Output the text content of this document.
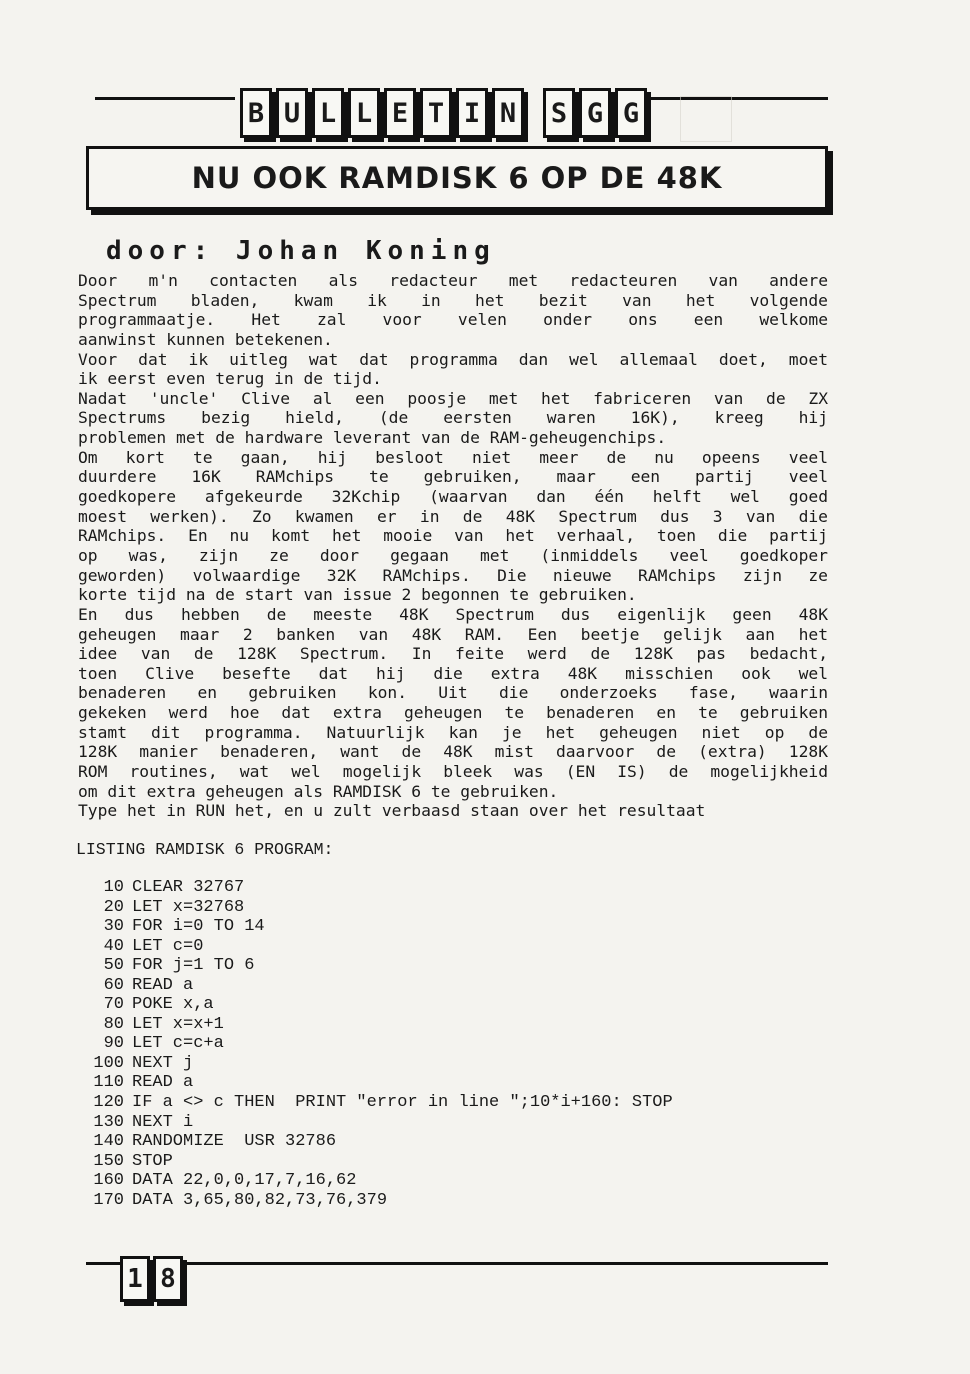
B U L L E T I N S G G
NU OOK RAMDISK 6 OP DE 48K
door: Johan Koning
Door m'n contacten als redacteur met redacteuren van andere
Spectrum bladen, kwam ik in het bezit van het volgende
programmaatje. Het zal voor velen onder ons een welkome
aanwinst kunnen betekenen.
Voor dat ik uitleg wat dat programma dan wel allemaal doet, moet
ik eerst even terug in de tijd.
Nadat 'uncle' Clive al een poosje met het fabriceren van de ZX
Spectrums bezig hield, (de eersten waren 16K), kreeg hij
problemen met de hardware leverant van de RAM-geheugenchips.
Om kort te gaan, hij besloot niet meer de nu opeens veel
duurdere 16K RAMchips te gebruiken, maar een partij veel
goedkopere afgekeurde 32Kchip (waarvan dan één helft wel goed
moest werken). Zo kwamen er in de 48K Spectrum dus 3 van die
RAMchips. En nu komt het mooie van het verhaal, toen die partij
op was, zijn ze door gegaan met (inmiddels veel goedkoper
geworden) volwaardige 32K RAMchips. Die nieuwe RAMchips zijn ze
korte tijd na de start van issue 2 begonnen te gebruiken.
En dus hebben de meeste 48K Spectrum dus eigenlijk geen 48K
geheugen maar 2 banken van 48K RAM. Een beetje gelijk aan het
idee van de 128K Spectrum. In feite werd de 128K pas bedacht,
toen Clive besefte dat hij die extra 48K misschien ook wel
benaderen en gebruiken kon. Uit die onderzoeks fase, waarin
gekeken werd hoe dat extra geheugen te benaderen en te gebruiken
stamt dit programma. Natuurlijk kan je het geheugen niet op de
128K manier benaderen, want de 48K mist daarvoor de (extra) 128K
ROM routines, wat wel mogelijk bleek was (EN IS) de mogelijkheid
om dit extra geheugen als RAMDISK 6 te gebruiken.
Type het in RUN het, en u zult verbaasd staan over het resultaat
LISTING RAMDISK 6 PROGRAM:
10 CLEAR 32767
20 LET x=32768
30 FOR i=0 TO 14
40 LET c=0
50 FOR j=1 TO 6
60 READ a
70 POKE x,a
80 LET x=x+1
90 LET c=c+a
100 NEXT j
110 READ a
120 IF a <> c THEN  PRINT "error in line ";10*i+160: STOP
130 NEXT i
140 RANDOMIZE  USR 32786
150 STOP
160 DATA 22,0,0,17,7,16,62
170 DATA 3,65,80,82,73,76,379
1 8
